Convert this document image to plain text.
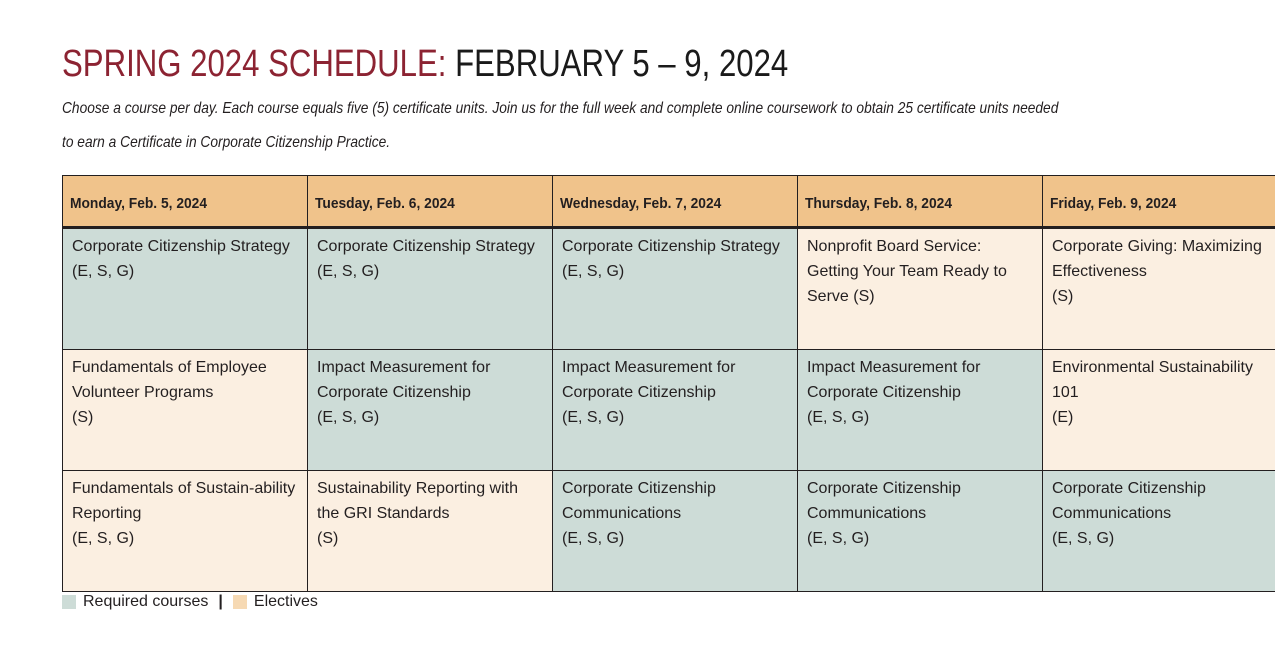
SPRING 2024 SCHEDULE: FEBRUARY 5 – 9, 2024

Choose a course per day. Each course equals five (5) certificate units. Join us for the full week and complete online coursework to obtain 25 certificate units needed
to earn a Certificate in Corporate Citizenship Practice.

Monday, Feb. 5, 2024	Tuesday, Feb. 6, 2024	Wednesday, Feb. 7, 2024	Thursday, Feb. 8, 2024	Friday, Feb. 9, 2024

Corporate Citizenship Strategy
(E, S, G)	Corporate Citizenship Strategy
(E, S, G)	Corporate Citizenship Strategy
(E, S, G)	Nonprofit Board Service: Getting Your Team Ready to Serve (S)	Corporate Giving: Maximizing Effectiveness
(S)

Fundamentals of Employee Volunteer Programs
(S)	Impact Measurement for Corporate Citizenship
(E, S, G)	Impact Measurement for Corporate Citizenship
(E, S, G)	Impact Measurement for Corporate Citizenship
(E, S, G)	Environmental Sustainability 101
(E)

Fundamentals of Sustain-ability Reporting
(E, S, G)	Sustainability Reporting with the GRI Standards
(S)	Corporate Citizenship Communications
(E, S, G)	Corporate Citizenship Communications
(E, S, G)	Corporate Citizenship Communications
(E, S, G)
Required courses | Electives
